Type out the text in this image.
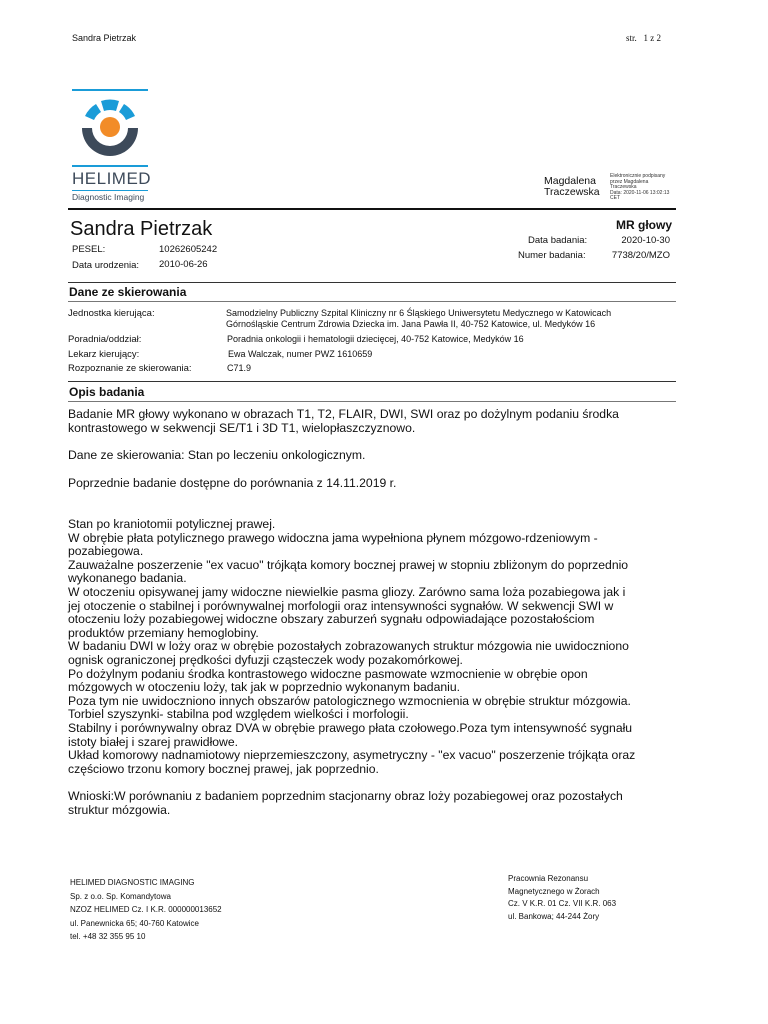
Sandra Pietrzak	str. 1 z 2
HELIMED
Diagnostic Imaging
Magdalena
Traczewska
Elektronicznie podpisany
przez Magdalena
Traczewska
Data: 2020-11-06 13:02:13
CET
Sandra Pietrzak
PESEL:	10262605242
Data urodzenia: 2010-06-26
MR głowy
Data badania:	2020-10-30
Numer badania:	7738/20/MZO
Dane ze skierowania
Jednostka kierująca:	Samodzielny Publiczny Szpital Kliniczny nr 6 Śląskiego Uniwersytetu Medycznego w Katowicach
Górnośląskie Centrum Zdrowia Dziecka im. Jana Pawła II, 40-752 Katowice, ul. Medyków 16
Poradnia/oddział:	Poradnia onkologii i hematologii dziecięcej, 40-752 Katowice, Medyków 16
Lekarz kierujący:	Ewa Walczak, numer PWZ 1610659
Rozpoznanie ze skierowania:	C71.9
Opis badania
Badanie MR głowy wykonano w obrazach T1, T2, FLAIR, DWI, SWI oraz po dożylnym podaniu środka
kontrastowego w sekwencji SE/T1 i 3D T1, wielopłaszczyznowo.
Dane ze skierowania: Stan po leczeniu onkologicznym.
Poprzednie badanie dostępne do porównania z 14.11.2019 r.
Stan po kraniotomii potylicznej prawej.
W obrębie płata potylicznego prawego widoczna jama wypełniona płynem mózgowo-rdzeniowym -
pozabiegowa.
Zauważalne poszerzenie "ex vacuo" trójkąta komory bocznej prawej w stopniu zbliżonym do poprzednio
wykonanego badania.
W otoczeniu opisywanej jamy widoczne niewielkie pasma gliozy. Zarówno sama loża pozabiegowa jak i
jej otoczenie o stabilnej i porównywalnej morfologii oraz intensywności sygnałów. W sekwencji SWI w
otoczeniu loży pozabiegowej widoczne obszary zaburzeń sygnału odpowiadające pozostałościom
produktów przemiany hemoglobiny.
W badaniu DWI w loży oraz w obrębie pozostałych zobrazowanych struktur mózgowia nie uwidoczniono
ognisk ograniczonej prędkości dyfuzji cząsteczek wody pozakomórkowej.
Po dożylnym podaniu środka kontrastowego widoczne pasmowate wzmocnienie w obrębie opon
mózgowych w otoczeniu loży, tak jak w poprzednio wykonanym badaniu.
Poza tym nie uwidoczniono innych obszarów patologicznego wzmocnienia w obrębie struktur mózgowia.
Torbiel szyszynki- stabilna pod względem wielkości i morfologii.
Stabilny i porównywalny obraz DVA w obrębie prawego płata czołowego.Poza tym intensywność sygnału
istoty białej i szarej prawidłowe.
Układ komorowy nadnamiotowy nieprzemieszczony, asymetryczny - "ex vacuo" poszerzenie trójkąta oraz
częściowo trzonu komory bocznej prawej, jak poprzednio.
Wnioski:W porównaniu z badaniem poprzednim stacjonarny obraz loży pozabiegowej oraz pozostałych
struktur mózgowia.
HELIMED DIAGNOSTIC IMAGING
Sp. z o.o. Sp. Komandytowa
NZOZ HELIMED Cz. I K.R. 000000013652
ul. Panewnicka 65; 40-760 Katowice
tel. +48 32 355 95 10
Pracownia Rezonansu
Magnetycznego w Żorach
Cz. V K.R. 01 Cz. VII K.R. 063
ul. Bankowa; 44-244 Żory
